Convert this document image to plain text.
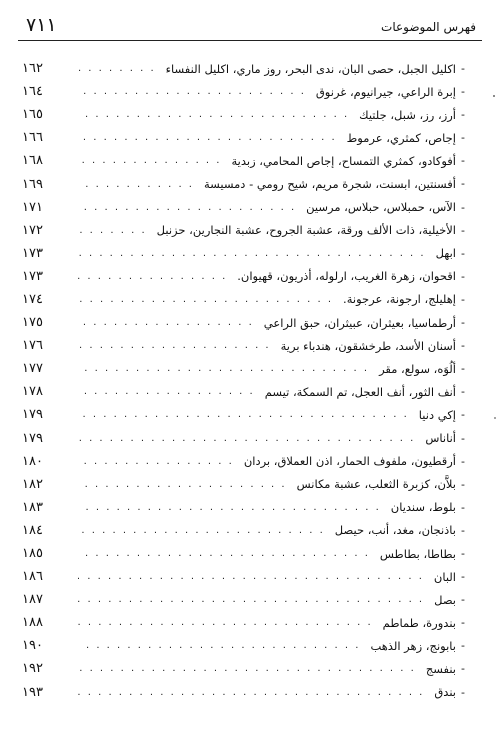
فهرس الموضوعات
٧١١
-
اكليل الجبل، حصى البان، ندى البحر، روز ماري، اكليل النفساء
. . .
١٦٢
-
إبرة الراعي، جيرانيوم، غرنوق
. . .
١٦٤
-
أرز، رز، شبل، جلتيك
. . .
١٦٥
-
إجاص، كمثري، عرموط
. . .
١٦٦
-
أفوكادو، كمثري التمساح، إجاص المحامي، زبدية
. . .
١٦٨
-
أفسنتين، ابسنت، شجرة مريم، شيح رومي - دمسيسة
. . .
١٦٩
-
الآس، حمبلاس، حبلاس، مرسين
. . .
١٧١
-
الأخيلية، ذات الألف ورقة، عشبة الجروح، عشبة النجارين، حزنبل
. . .
١٧٢
-
ابهل
. . .
١٧٣
-
اقحوان، زهرة الغريب، ارلوله، أذريون، قهيوان.
. . .
١٧٣
-
إهليلج، ارجونة، عرجونة.
. . .
١٧٤
-
أرطماسيا، بعيثران، عبيثران، حبق الراعي
. . .
١٧٥
-
أسنان الأسد، طرخشقون، هندباء برية
. . .
١٧٦
-
ألُوَه، سولع، مقر
. . .
١٧٧
-
أنف الثور، أنف العجل، تم السمكة، تيسم
. . .
١٧٨
-
إكي دنيا
. . .
١٧٩
-
أناناس
. . .
١٧٩
-
أرقطيون، ملفوف الحمار، اذن العملاق، بردان
. . .
١٨٠
-
بلاَّن، كزبرة الثعلب، عشبة مكانس
. . .
١٨٢
-
بلوط، سنديان
. . .
١٨٣
-
باذنجان، مغد، أنب، حيصل
. . .
١٨٤
-
بطاطا، بطاطس
. . .
١٨٥
-
البان
. . .
١٨٦
-
بصل
. . .
١٨٧
-
بندورة، طماطم
. . .
١٨٨
-
بابونج، زهر الذهب
. . .
١٩٠
-
بنفسج
. . .
١٩٢
-
بندق
. . .
١٩٣
